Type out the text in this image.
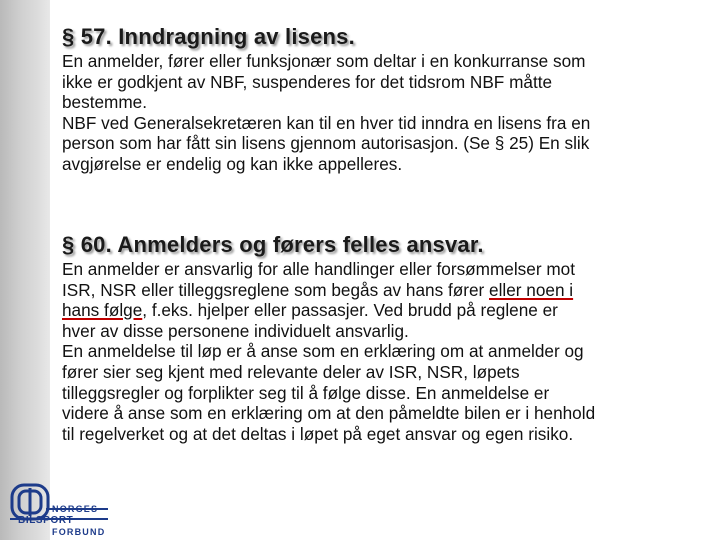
§ 57. Inndragning av lisens.
En anmelder, fører eller funksjonær som deltar i en konkurranse som
ikke er godkjent av NBF, suspenderes for det tidsrom NBF måtte
bestemme.
NBF ved Generalsekretæren kan til en hver tid inndra en lisens fra en
person som har fått sin lisens gjennom autorisasjon. (Se § 25) En slik
avgjørelse er endelig og kan ikke appelleres.
§ 60. Anmelders og førers felles ansvar.
En anmelder er ansvarlig for alle handlinger eller forsømmelser mot
ISR, NSR eller tilleggsreglene som begås av hans fører eller noen i
hans følge, f.eks. hjelper eller passasjer. Ved brudd på reglene er
hver av disse personene individuelt ansvarlig.
En anmeldelse til løp er å anse som en erklæring om at anmelder og
fører sier seg kjent med relevante deler av ISR, NSR, løpets
tilleggsregler og forplikter seg til å følge disse. En anmeldelse er
videre å anse som en erklæring om at den påmeldte bilen er i henhold
til regelverket og at det deltas i løpet på eget ansvar og egen risiko.
NORGES
BILSPORT
FORBUND
